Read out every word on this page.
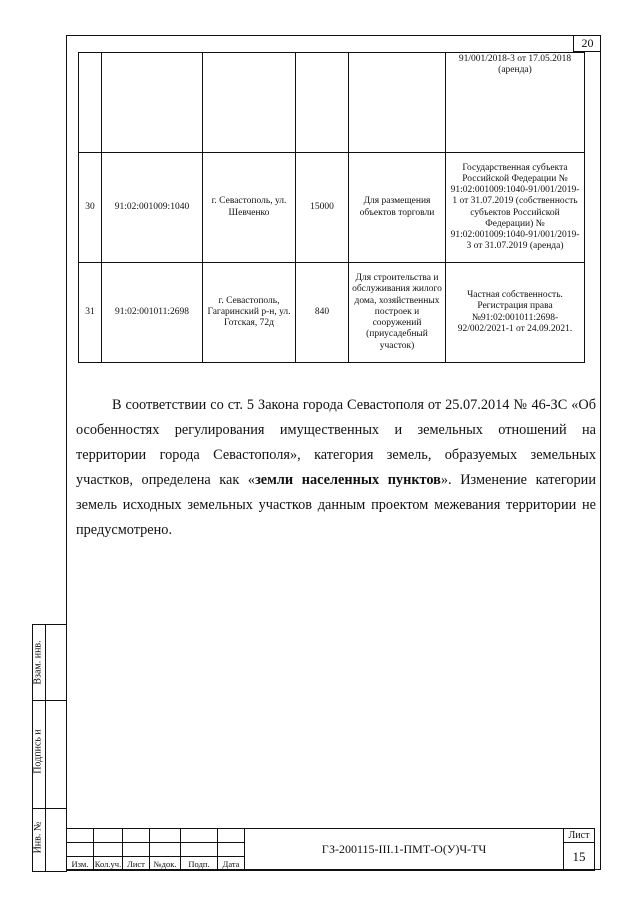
20
					91/001/2018-3 от 17.05.2018 (аренда)
30	91:02:001009:1040	г. Севастополь, ул. Шевченко	15000	Для размещения объектов торговли	Государственная субъекта Российской Федерации № 91:02:001009:1040-91/001/2019-1 от 31.07.2019 (собственность субъектов Российской Федерации) № 91:02:001009:1040-91/001/2019-3 от 31.07.2019 (аренда)
31	91:02:001011:2698	г. Севастополь, Гагаринский р-н, ул. Готская, 72д	840	Для строительства и обслуживания жилого дома, хозяйственных построек и сооружений (приусадебный участок)	Частная собственность. Регистрация права №91:02:001011:2698-92/002/2021-1 от 24.09.2021.

В соответствии со ст. 5 Закона города Севастополя от 25.07.2014 № 46-ЗС «Об особенностях регулирования имущественных и земельных отношений на территории города Севастополя», категория земель, образуемых земельных участков, определена как «земли населенных пунктов». Изменение категории земель исходных земельных участков данным проектом межевания территории не предусмотрено.

Взам. инв.
Подпись и
Инв. №
							ГЗ-200115-III.1-ПМТ-О(У)Ч-ТЧ	Лист
							15
Изм.	Кол.уч.	Лист	№док.	Подп.	Дата		
